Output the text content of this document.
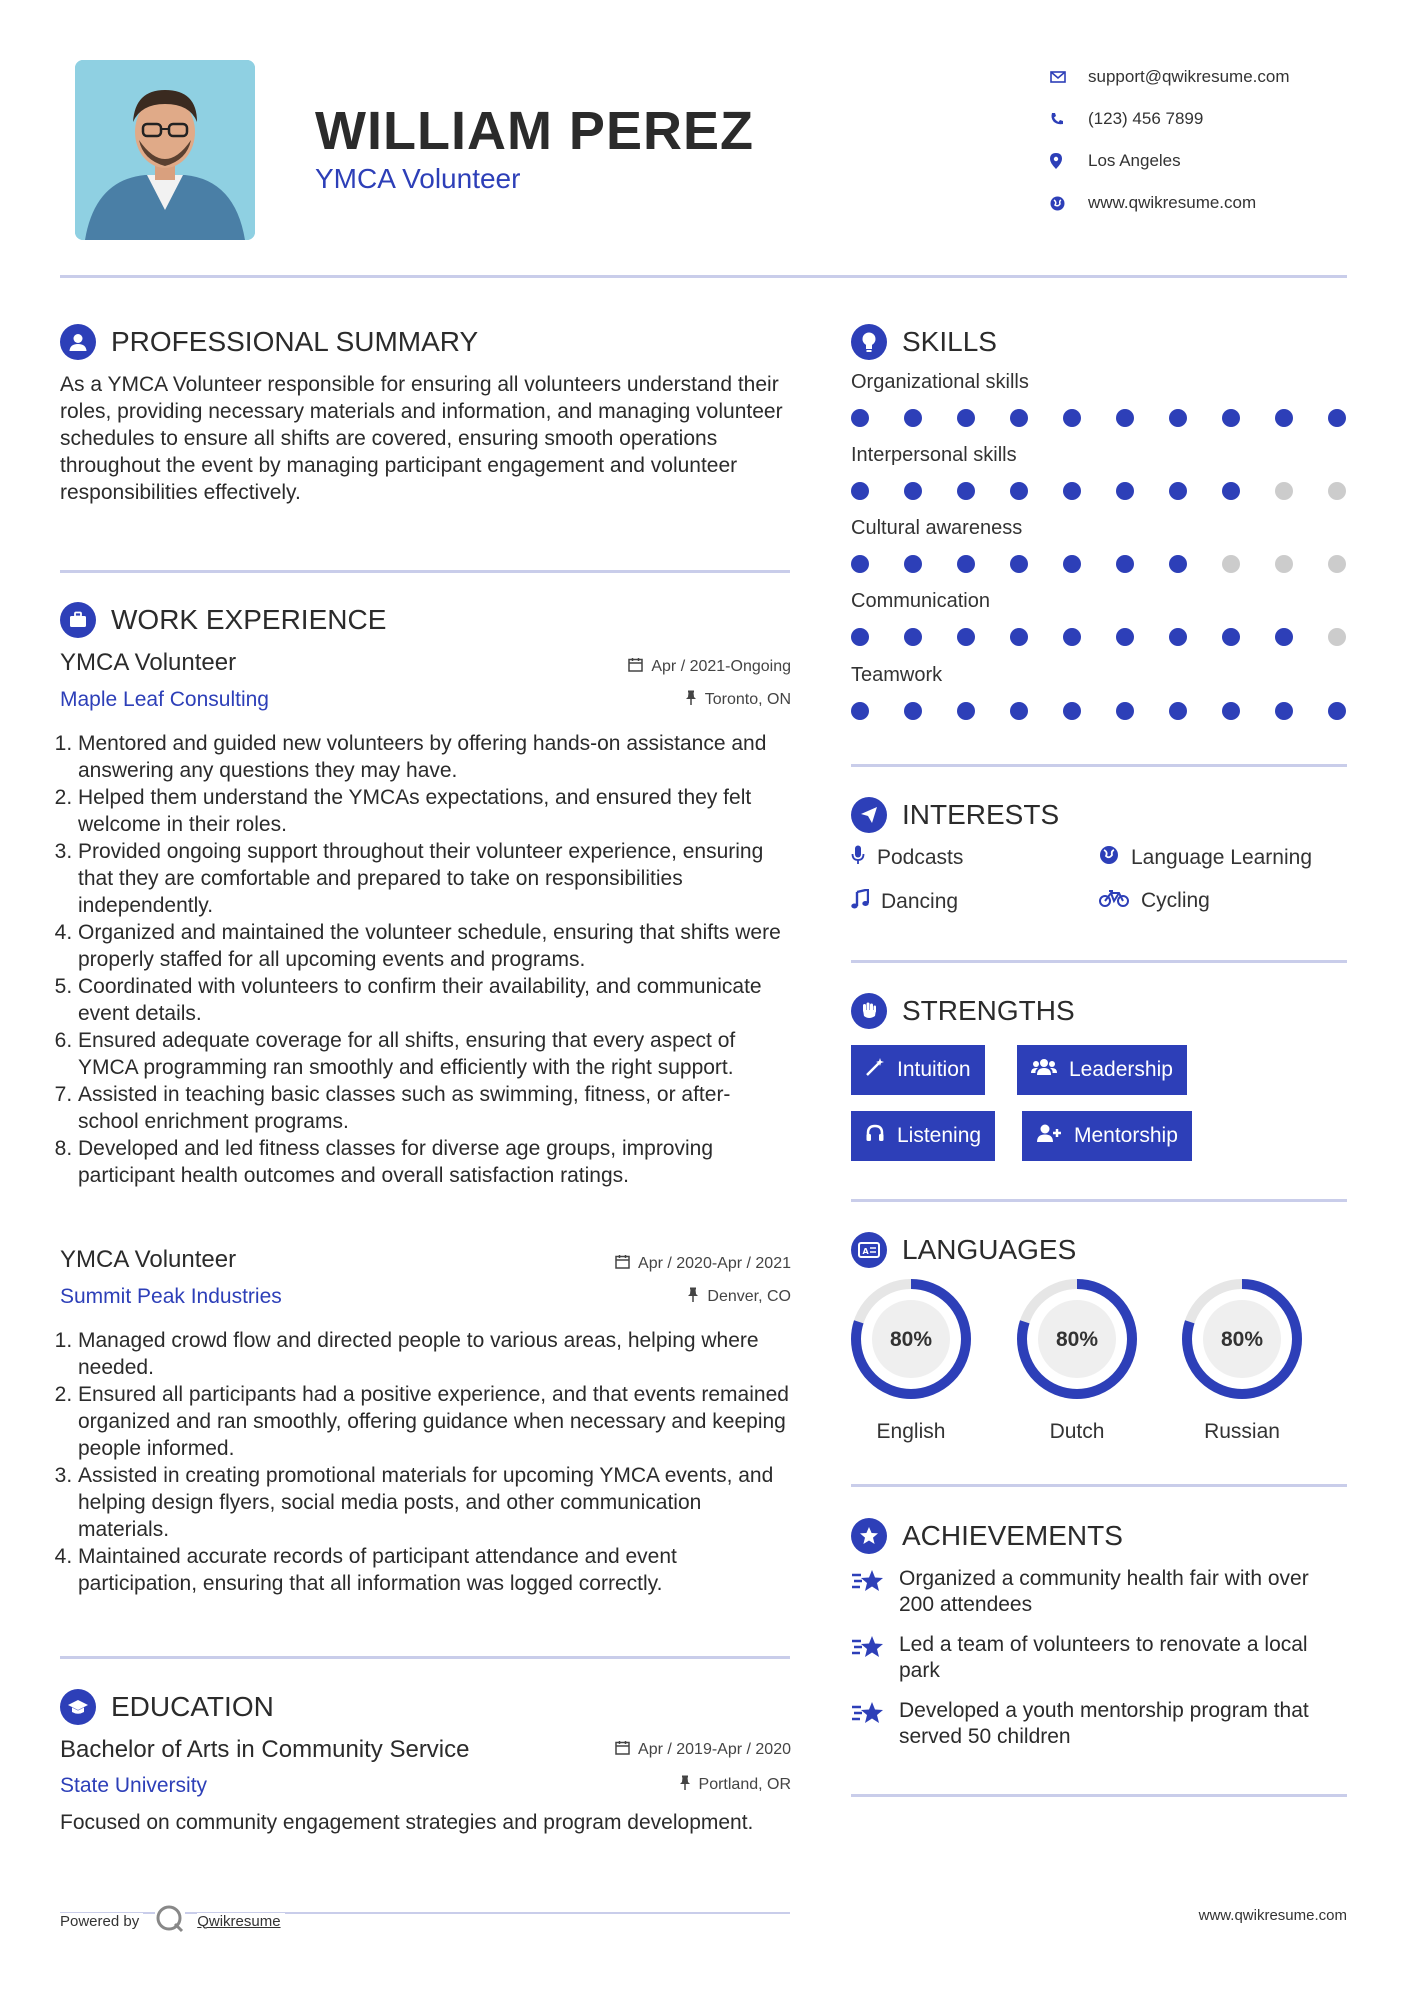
WILLIAM PEREZ
YMCA Volunteer
support@qwikresume.com
(123) 456 7899
Los Angeles
www.qwikresume.com
PROFESSIONAL SUMMARY
As a YMCA Volunteer responsible for ensuring all volunteers understand their roles, providing necessary materials and information, and managing volunteer schedules to ensure all shifts are covered, ensuring smooth operations throughout the event by managing participant engagement and volunteer responsibilities effectively.
WORK EXPERIENCE
YMCA Volunteer	Apr / 2021-Ongoing
Maple Leaf Consulting	Toronto, ON
1. Mentored and guided new volunteers by offering hands-on assistance and answering any questions they may have.
2. Helped them understand the YMCAs expectations, and ensured they felt welcome in their roles.
3. Provided ongoing support throughout their volunteer experience, ensuring that they are comfortable and prepared to take on responsibilities independently.
4. Organized and maintained the volunteer schedule, ensuring that shifts were properly staffed for all upcoming events and programs.
5. Coordinated with volunteers to confirm their availability, and communicate event details.
6. Ensured adequate coverage for all shifts, ensuring that every aspect of YMCA programming ran smoothly and efficiently with the right support.
7. Assisted in teaching basic classes such as swimming, fitness, or after-school enrichment programs.
8. Developed and led fitness classes for diverse age groups, improving participant health outcomes and overall satisfaction ratings.
YMCA Volunteer	Apr / 2020-Apr / 2021
Summit Peak Industries	Denver, CO
1. Managed crowd flow and directed people to various areas, helping where needed.
2. Ensured all participants had a positive experience, and that events remained organized and ran smoothly, offering guidance when necessary and keeping people informed.
3. Assisted in creating promotional materials for upcoming YMCA events, and helping design flyers, social media posts, and other communication materials.
4. Maintained accurate records of participant attendance and event participation, ensuring that all information was logged correctly.
EDUCATION
Bachelor of Arts in Community Service	Apr / 2019-Apr / 2020
State University	Portland, OR
Focused on community engagement strategies and program development.
SKILLS
Organizational skills
Interpersonal skills
Cultural awareness
Communication
Teamwork
INTERESTS
Podcasts	Language Learning
Dancing	Cycling
STRENGTHS
Intuition	Leadership
Listening	Mentorship
A LANGUAGES
80%
English
80%
Dutch
80%
Russian
ACHIEVEMENTS
Organized a community health fair with over 200 attendees
Led a team of volunteers to renovate a local park
Developed a youth mentorship program that served 50 children
Powered by	Qwikresume	www.qwikresume.com
